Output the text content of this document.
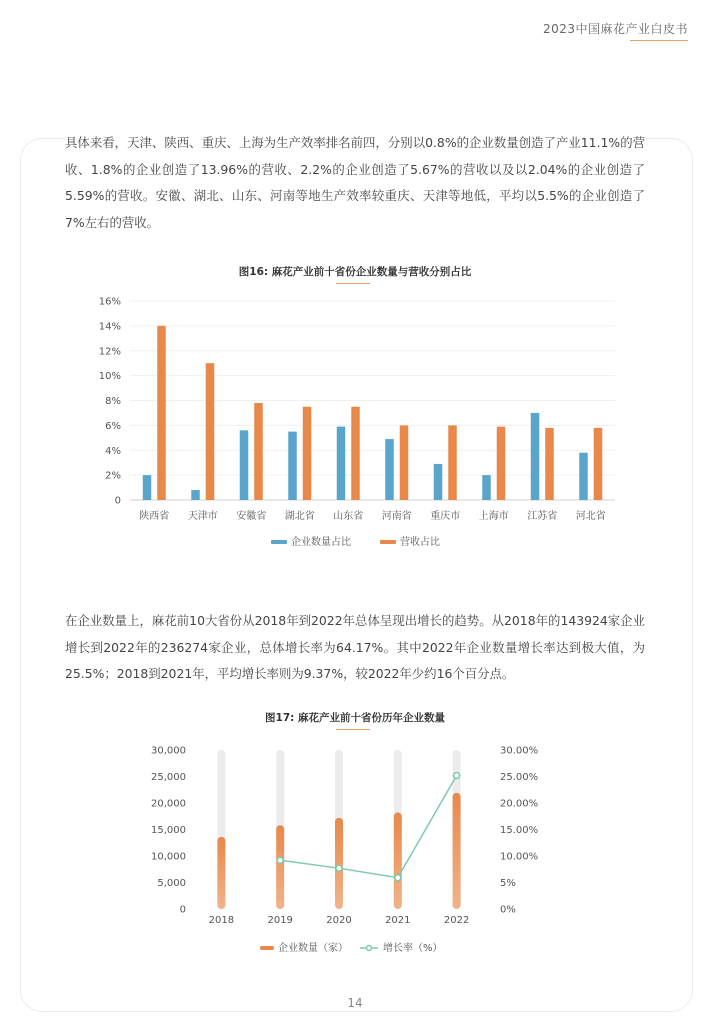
2023中国麻花产业白皮书
具体来看，天津、陕西、重庆、上海为生产效率排名前四，分别以0.8%的企业数量创造了产业11.1%的营收、1.8%的企业创造了13.96%的营收、2.2%的企业创造了5.67%的营收以及以2.04%的企业创造了5.59%的营收。安徽、湖北、山东、河南等地生产效率较重庆、天津等地低，平均以5.5%的企业创造了7%左右的营收。
图16: 麻花产业前十省份企业数量与营收分别占比
0
2%
4%
6%
8%
10%
12%
14%
16%
陕西省 天津市 安徽省 湖北省 山东省 河南省 重庆市 上海市 江苏省 河北省
企业数量占比	营收占比
在企业数量上，麻花前10大省份从2018年到2022年总体呈现出增长的趋势。从2018年的143924家企业增长到2022年的236274家企业，总体增长率为64.17%。其中2022年企业数量增长率达到极大值，为25.5%；2018到2021年，平均增长率则为9.37%，较2022年少约16个百分点。
图17: 麻花产业前十省份历年企业数量
0
5,000
10,000
15,000
20,000
25,000
30,000
0%
5%
10.00%
15.00%
20.00%
25.00%
30.00%
2018	2019	2020	2021	2022
企业数量（家）	增长率（%）
14
